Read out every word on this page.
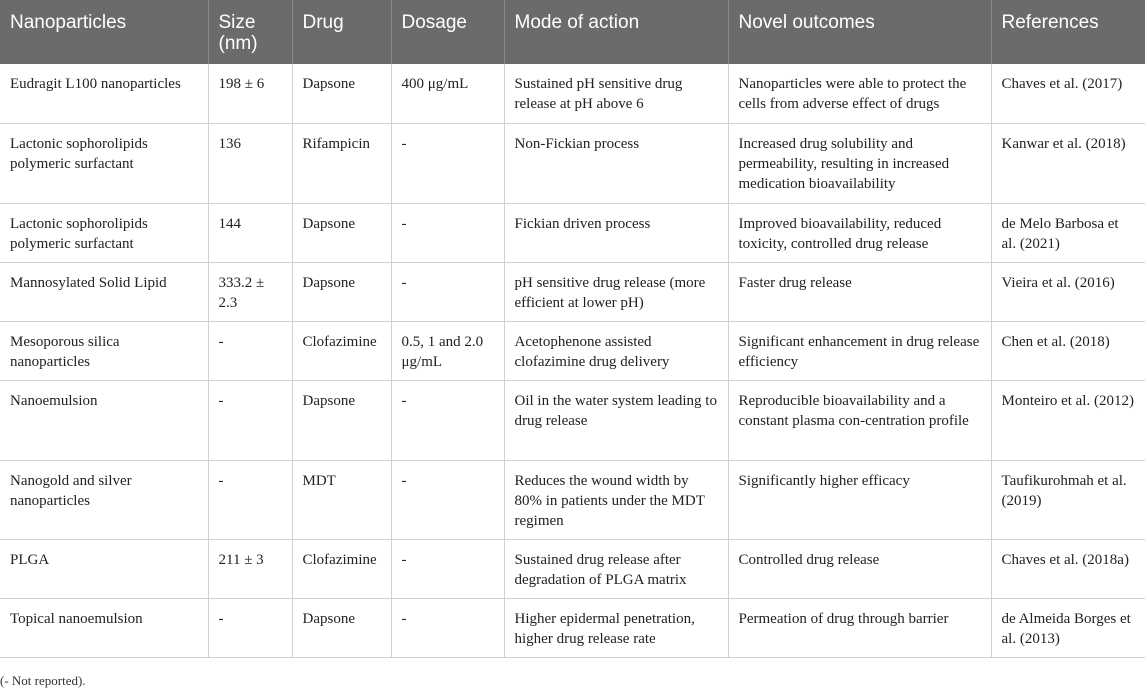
Nanoparticles	Size (nm)	Drug	Dosage	Mode of action	Novel outcomes	References
Eudragit L100 nanoparticles	198 ± 6	Dapsone	400 μg/mL	Sustained pH sensitive drug release at pH above 6	Nanoparticles were able to protect the cells from adverse effect of drugs	Chaves et al. (2017)
Lactonic sophorolipids polymeric surfactant	136	Rifampicin	-	Non-Fickian process	Increased drug solubility and permeability, resulting in increased medication bioavailability	Kanwar et al. (2018)
Lactonic sophorolipids polymeric surfactant	144	Dapsone	-	Fickian driven process	Improved bioavailability, reduced toxicity, controlled drug release	de Melo Barbosa et al. (2021)
Mannosylated Solid Lipid	333.2 ± 2.3	Dapsone	-	pH sensitive drug release (more efficient at lower pH)	Faster drug release	Vieira et al. (2016)
Mesoporous silica nanoparticles	-	Clofazimine	0.5, 1 and 2.0 μg/mL	Acetophenone assisted clofazimine drug delivery	Significant enhancement in drug release efficiency	Chen et al. (2018)
Nanoemulsion	-	Dapsone	-	Oil in the water system leading to drug release	Reproducible bioavailability and a constant plasma con-centration profile	Monteiro et al. (2012)
Nanogold and silver nanoparticles	-	MDT	-	Reduces the wound width by 80% in patients under the MDT regimen	Significantly higher efficacy	Taufikurohmah et al. (2019)
PLGA	211 ± 3	Clofazimine	-	Sustained drug release after degradation of PLGA matrix	Controlled drug release	Chaves et al. (2018a)
Topical nanoemulsion	-	Dapsone	-	Higher epidermal penetration, higher drug release rate	Permeation of drug through barrier	de Almeida Borges et al. (2013)
(- Not reported).
